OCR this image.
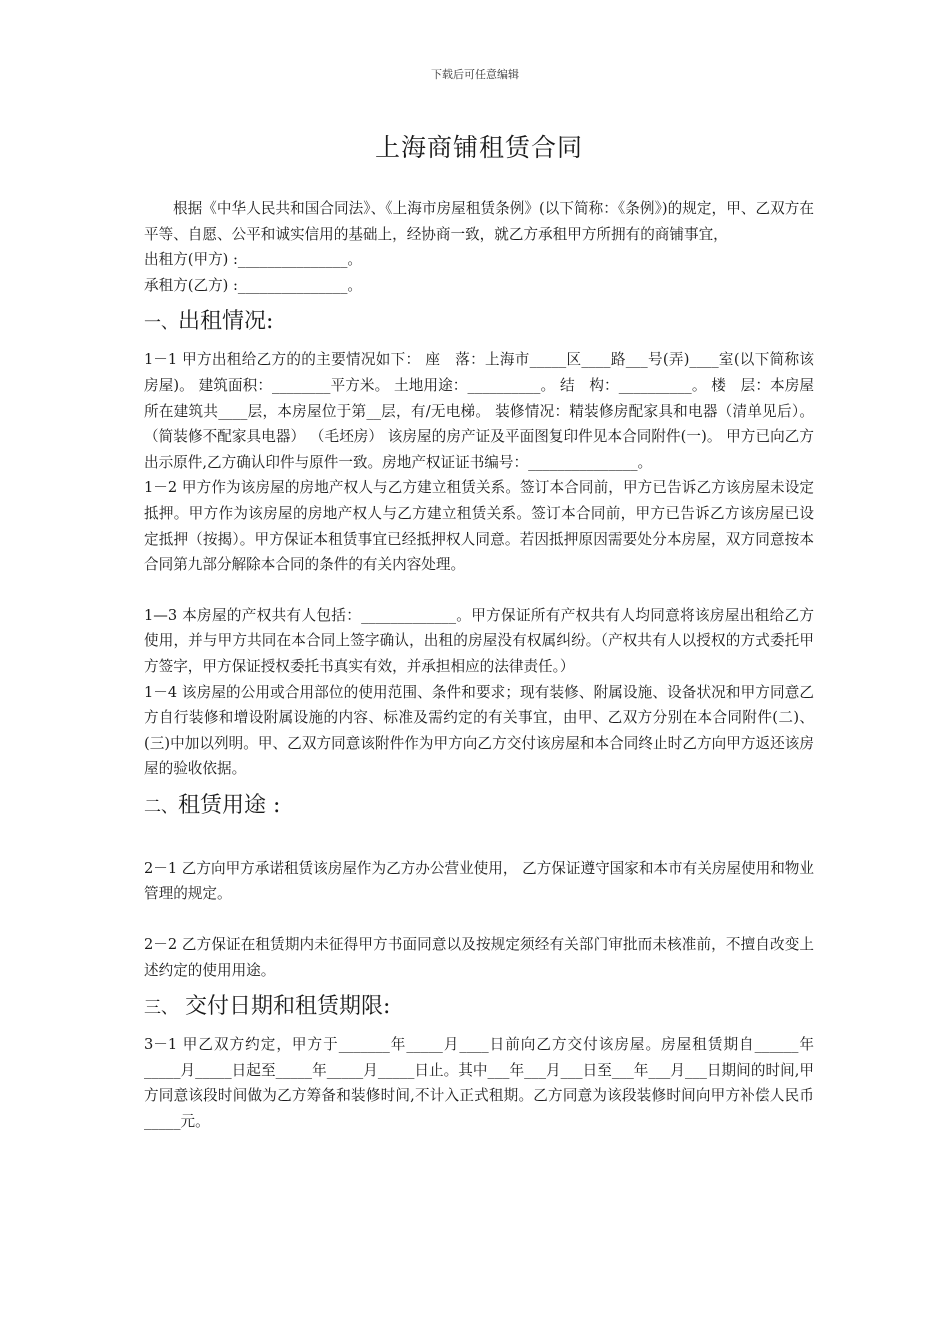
下载后可任意编辑
上海商铺租赁合同

根据《中华人民共和国合同法》、《上海市房屋租赁条例》(以下简称：《条例》)的规定，甲、乙双方在平等、自愿、公平和诚实信用的基础上，经协商一致，就乙方承租甲方所拥有的商铺事宜，

出租方(甲方) :_______________。

承租方(乙方) :_______________。

一、出租情况:

1－1 甲方出租给乙方的的主要情况如下： 座　落：上海市_____区____路___号(弄)____室(以下简称该房屋)。 建筑面积：________平方米。 土地用途：__________。 结　构：__________。 楼　层：本房屋所在建筑共____层，本房屋位于第__层，有/无电梯。 装修情况：精装修房配家具和电器（清单见后）。 （简装修不配家具电器） （毛坯房） 该房屋的房产证及平面图复印件见本合同附件(一)。 甲方已向乙方出示原件,乙方确认印件与原件一致。房地产权证证书编号：_______________。

1－2 甲方作为该房屋的房地产权人与乙方建立租赁关系。签订本合同前，甲方已告诉乙方该房屋未设定抵押。甲方作为该房屋的房地产权人与乙方建立租赁关系。签订本合同前，甲方已告诉乙方该房屋已设定抵押（按揭）。甲方保证本租赁事宜已经抵押权人同意。若因抵押原因需要处分本房屋，双方同意按本合同第九部分解除本合同的条件的有关内容处理。

1—3 本房屋的产权共有人包括：_____________。甲方保证所有产权共有人均同意将该房屋出租给乙方使用，并与甲方共同在本合同上签字确认，出租的房屋没有权属纠纷。（产权共有人以授权的方式委托甲方签字，甲方保证授权委托书真实有效，并承担相应的法律责任。）

1－4 该房屋的公用或合用部位的使用范围、条件和要求；现有装修、附属设施、设备状况和甲方同意乙方自行装修和增设附属设施的内容、标准及需约定的有关事宜，由甲、乙双方分别在本合同附件(二)、(三)中加以列明。甲、乙双方同意该附件作为甲方向乙方交付该房屋和本合同终止时乙方向甲方返还该房屋的验收依据。

二、租赁用途 :

2－1 乙方向甲方承诺租赁该房屋作为乙方办公营业使用， 乙方保证遵守国家和本市有关房屋使用和物业管理的规定。

2－2 乙方保证在租赁期内未征得甲方书面同意以及按规定须经有关部门审批而未核准前，不擅自改变上述约定的使用用途。

三、 交付日期和租赁期限:

3－1 甲乙双方约定，甲方于_______年_____月____日前向乙方交付该房屋。房屋租赁期自______年_____月_____日起至_____年_____月_____日止。其中___年___月___日至___年___月___日期间的时间,甲方同意该段时间做为乙方筹备和装修时间,不计入正式租期。乙方同意为该段装修时间向甲方补偿人民币_____元。
